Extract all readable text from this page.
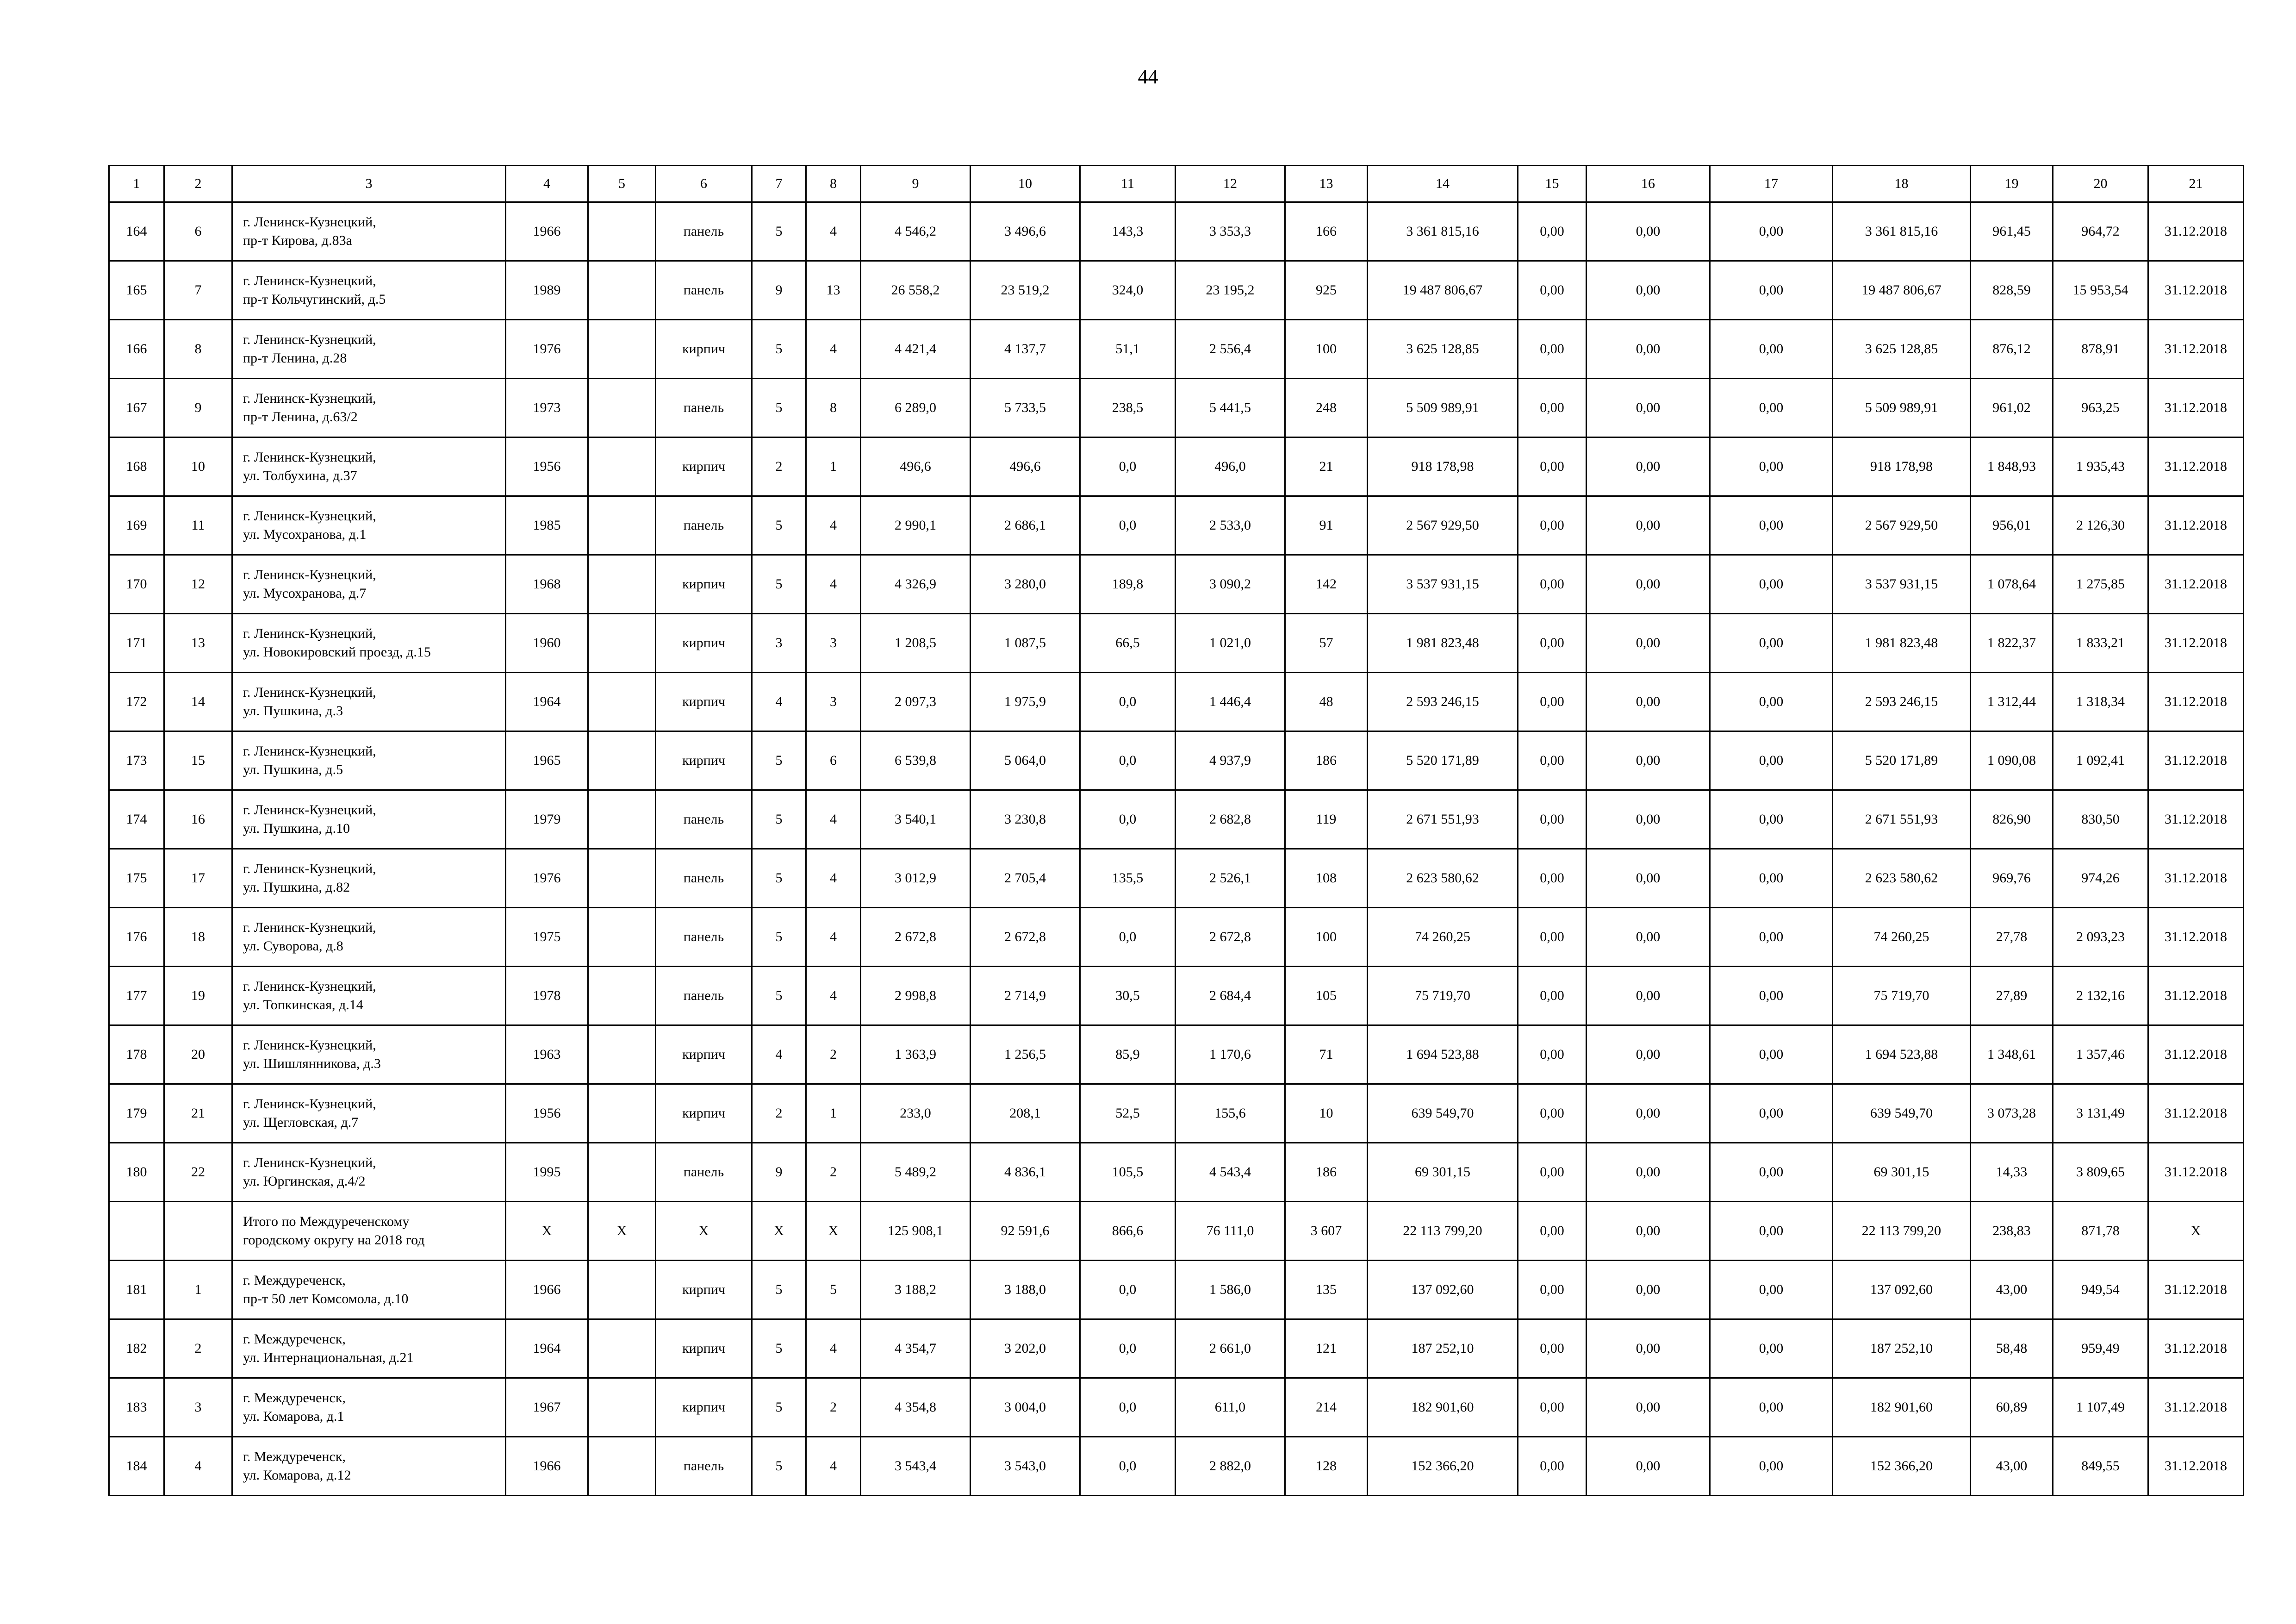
44
1	2	3	4	5	6	7	8	9	10	11	12	13	14	15	16	17	18	19	20	21
164	6	г. Ленинск-Кузнецкий,
пр-т Кирова, д.83а	1966		панель	5	4	4 546,2	3 496,6	143,3	3 353,3	166	3 361 815,16	0,00	0,00	0,00	3 361 815,16	961,45	964,72	31.12.2018
165	7	г. Ленинск-Кузнецкий,
пр-т Кольчугинский, д.5	1989		панель	9	13	26 558,2	23 519,2	324,0	23 195,2	925	19 487 806,67	0,00	0,00	0,00	19 487 806,67	828,59	15 953,54	31.12.2018
166	8	г. Ленинск-Кузнецкий,
пр-т Ленина, д.28	1976		кирпич	5	4	4 421,4	4 137,7	51,1	2 556,4	100	3 625 128,85	0,00	0,00	0,00	3 625 128,85	876,12	878,91	31.12.2018
167	9	г. Ленинск-Кузнецкий,
пр-т Ленина, д.63/2	1973		панель	5	8	6 289,0	5 733,5	238,5	5 441,5	248	5 509 989,91	0,00	0,00	0,00	5 509 989,91	961,02	963,25	31.12.2018
168	10	г. Ленинск-Кузнецкий,
ул. Толбухина, д.37	1956		кирпич	2	1	496,6	496,6	0,0	496,0	21	918 178,98	0,00	0,00	0,00	918 178,98	1 848,93	1 935,43	31.12.2018
169	11	г. Ленинск-Кузнецкий,
ул. Мусохранова, д.1	1985		панель	5	4	2 990,1	2 686,1	0,0	2 533,0	91	2 567 929,50	0,00	0,00	0,00	2 567 929,50	956,01	2 126,30	31.12.2018
170	12	г. Ленинск-Кузнецкий,
ул. Мусохранова, д.7	1968		кирпич	5	4	4 326,9	3 280,0	189,8	3 090,2	142	3 537 931,15	0,00	0,00	0,00	3 537 931,15	1 078,64	1 275,85	31.12.2018
171	13	г. Ленинск-Кузнецкий,
ул. Новокировский проезд, д.15	1960		кирпич	3	3	1 208,5	1 087,5	66,5	1 021,0	57	1 981 823,48	0,00	0,00	0,00	1 981 823,48	1 822,37	1 833,21	31.12.2018
172	14	г. Ленинск-Кузнецкий,
ул. Пушкина, д.3	1964		кирпич	4	3	2 097,3	1 975,9	0,0	1 446,4	48	2 593 246,15	0,00	0,00	0,00	2 593 246,15	1 312,44	1 318,34	31.12.2018
173	15	г. Ленинск-Кузнецкий,
ул. Пушкина, д.5	1965		кирпич	5	6	6 539,8	5 064,0	0,0	4 937,9	186	5 520 171,89	0,00	0,00	0,00	5 520 171,89	1 090,08	1 092,41	31.12.2018
174	16	г. Ленинск-Кузнецкий,
ул. Пушкина, д.10	1979		панель	5	4	3 540,1	3 230,8	0,0	2 682,8	119	2 671 551,93	0,00	0,00	0,00	2 671 551,93	826,90	830,50	31.12.2018
175	17	г. Ленинск-Кузнецкий,
ул. Пушкина, д.82	1976		панель	5	4	3 012,9	2 705,4	135,5	2 526,1	108	2 623 580,62	0,00	0,00	0,00	2 623 580,62	969,76	974,26	31.12.2018
176	18	г. Ленинск-Кузнецкий,
ул. Суворова, д.8	1975		панель	5	4	2 672,8	2 672,8	0,0	2 672,8	100	74 260,25	0,00	0,00	0,00	74 260,25	27,78	2 093,23	31.12.2018
177	19	г. Ленинск-Кузнецкий,
ул. Топкинская, д.14	1978		панель	5	4	2 998,8	2 714,9	30,5	2 684,4	105	75 719,70	0,00	0,00	0,00	75 719,70	27,89	2 132,16	31.12.2018
178	20	г. Ленинск-Кузнецкий,
ул. Шишлянникова, д.3	1963		кирпич	4	2	1 363,9	1 256,5	85,9	1 170,6	71	1 694 523,88	0,00	0,00	0,00	1 694 523,88	1 348,61	1 357,46	31.12.2018
179	21	г. Ленинск-Кузнецкий,
ул. Щегловская, д.7	1956		кирпич	2	1	233,0	208,1	52,5	155,6	10	639 549,70	0,00	0,00	0,00	639 549,70	3 073,28	3 131,49	31.12.2018
180	22	г. Ленинск-Кузнецкий,
ул. Юргинская, д.4/2	1995		панель	9	2	5 489,2	4 836,1	105,5	4 543,4	186	69 301,15	0,00	0,00	0,00	69 301,15	14,33	3 809,65	31.12.2018

		Итого по Междуреченскому
городскому округу на 2018 год	X	X	X	X	X	125 908,1	92 591,6	866,6	76 111,0	3 607	22 113 799,20	0,00	0,00	0,00	22 113 799,20	238,83	871,78	X
181	1	г. Междуреченск,
пр-т 50 лет Комсомола, д.10	1966		кирпич	5	5	3 188,2	3 188,0	0,0	1 586,0	135	137 092,60	0,00	0,00	0,00	137 092,60	43,00	949,54	31.12.2018
182	2	г. Междуреченск,
ул. Интернациональная, д.21	1964		кирпич	5	4	4 354,7	3 202,0	0,0	2 661,0	121	187 252,10	0,00	0,00	0,00	187 252,10	58,48	959,49	31.12.2018
183	3	г. Междуреченск,
ул. Комарова, д.1	1967		кирпич	5	2	4 354,8	3 004,0	0,0	611,0	214	182 901,60	0,00	0,00	0,00	182 901,60	60,89	1 107,49	31.12.2018
184	4	г. Междуреченск,
ул. Комарова, д.12	1966		панель	5	4	3 543,4	3 543,0	0,0	2 882,0	128	152 366,20	0,00	0,00	0,00	152 366,20	43,00	849,55	31.12.2018
